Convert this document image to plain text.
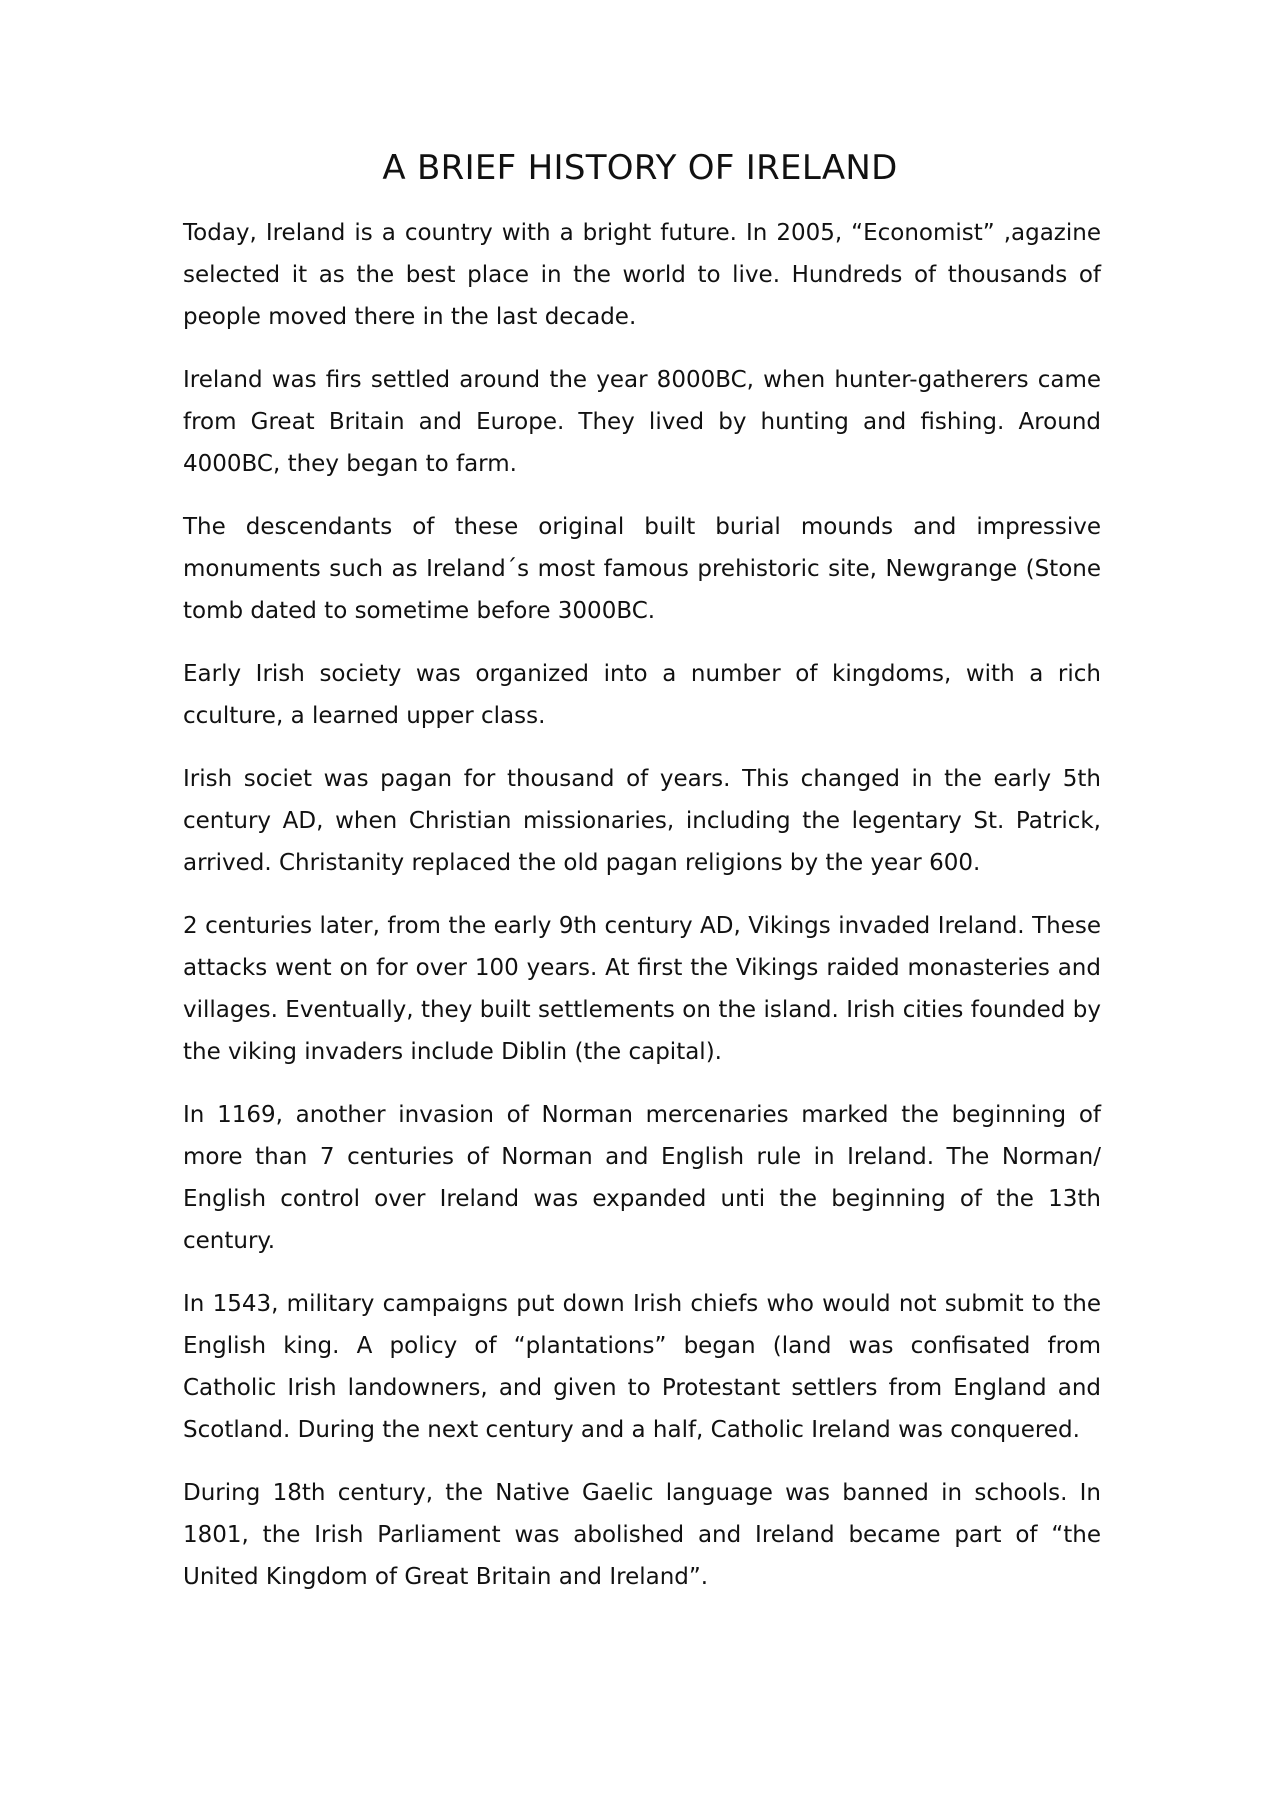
A BRIEF HISTORY OF IRELAND

Today, Ireland is a country with a bright future. In 2005, “Economist” ,agazine selected it as the best place in the world to live. Hundreds of thousands of people moved there in the last decade.

Ireland was firs settled around the year 8000BC, when hunter-gatherers came from Great Britain and Europe. They lived by hunting and fishing. Around 4000BC, they began to farm.

The descendants of these original built burial mounds and impressive monuments such as Ireland´s most famous prehistoric site, Newgrange (Stone tomb dated to sometime before 3000BC.

Early Irish society was organized into a number of kingdoms, with a rich cculture, a learned upper class.

Irish societ was pagan for thousand of years. This changed in the early 5th century AD, when Christian missionaries, including the legentary St. Patrick, arrived. Christanity replaced the old pagan religions by the year 600.

2 centuries later, from the early 9th century AD, Vikings invaded Ireland. These attacks went on for over 100 years. At first the Vikings raided monasteries and villages. Eventually, they built settlements on the island. Irish cities founded by the viking invaders include Diblin (the capital).

In 1169, another invasion of Norman mercenaries marked the beginning of more than 7 centuries of Norman and English rule in Ireland. The Norman/ English control over Ireland was expanded unti the beginning of the 13th century.

In 1543, military campaigns put down Irish chiefs who would not submit to the English king. A policy of “plantations” began (land was confisated from Catholic Irish landowners, and given to Protestant settlers from England and Scotland. During the next century and a half, Catholic Ireland was conquered.

During 18th century, the Native Gaelic language was banned in schools. In 1801, the Irish Parliament was abolished and Ireland became part of “the United Kingdom of Great Britain and Ireland”.
